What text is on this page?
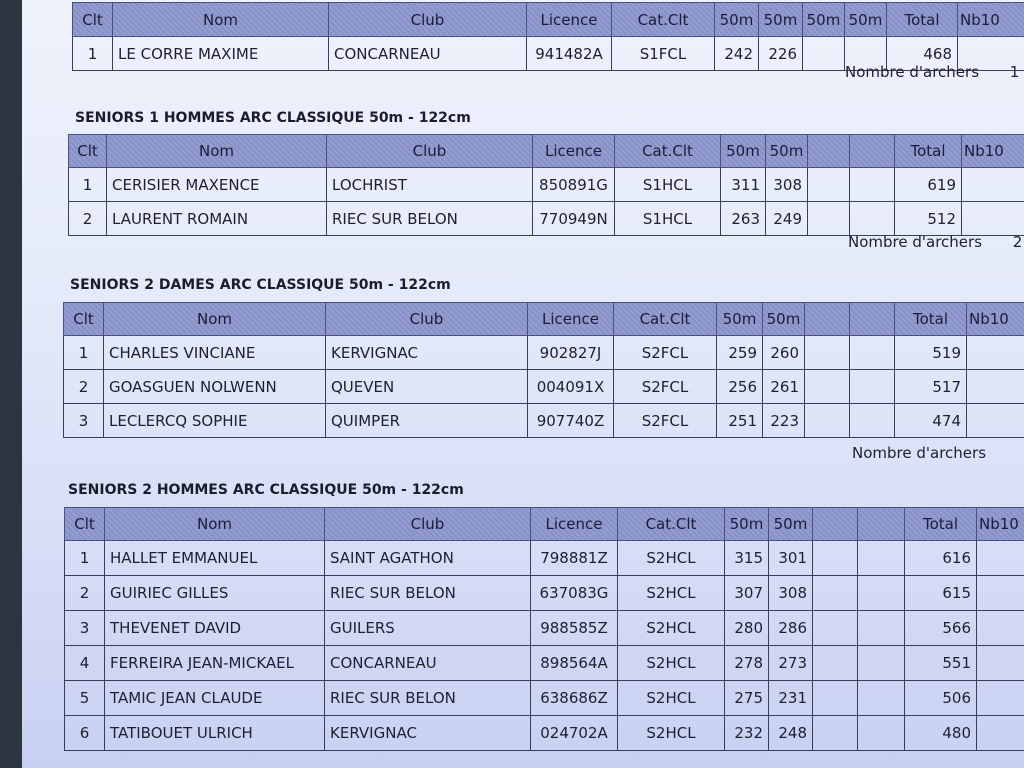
Clt	Nom	Club	Licence	Cat.Clt	50m	50m	50m	50m	Total	Nb10
1	LE CORRE MAXIME	CONCARNEAU	941482A	S1FCL	242	226			468	
Nombre d'archers 1
SENIORS 1 HOMMES ARC CLASSIQUE 50m - 122cm
Clt	Nom	Club	Licence	Cat.Clt	50m	50m			Total	Nb10
1	CERISIER MAXENCE	LOCHRIST	850891G	S1HCL	311	308			619	
2	LAURENT ROMAIN	RIEC SUR BELON	770949N	S1HCL	263	249			512	
Nombre d'archers 2
SENIORS 2 DAMES ARC CLASSIQUE 50m - 122cm
Clt	Nom	Club	Licence	Cat.Clt	50m	50m			Total	Nb10
1	CHARLES VINCIANE	KERVIGNAC	902827J	S2FCL	259	260			519	
2	GOASGUEN NOLWENN	QUEVEN	004091X	S2FCL	256	261			517	
3	LECLERCQ SOPHIE	QUIMPER	907740Z	S2FCL	251	223			474	
Nombre d'archers
SENIORS 2 HOMMES ARC CLASSIQUE 50m - 122cm
Clt	Nom	Club	Licence	Cat.Clt	50m	50m			Total	Nb10
1	HALLET EMMANUEL	SAINT AGATHON	798881Z	S2HCL	315	301			616	
2	GUIRIEC GILLES	RIEC SUR BELON	637083G	S2HCL	307	308			615	
3	THEVENET DAVID	GUILERS	988585Z	S2HCL	280	286			566	
4	FERREIRA JEAN-MICKAEL	CONCARNEAU	898564A	S2HCL	278	273			551	
5	TAMIC JEAN CLAUDE	RIEC SUR BELON	638686Z	S2HCL	275	231			506	
6	TATIBOUET ULRICH	KERVIGNAC	024702A	S2HCL	232	248			480	
